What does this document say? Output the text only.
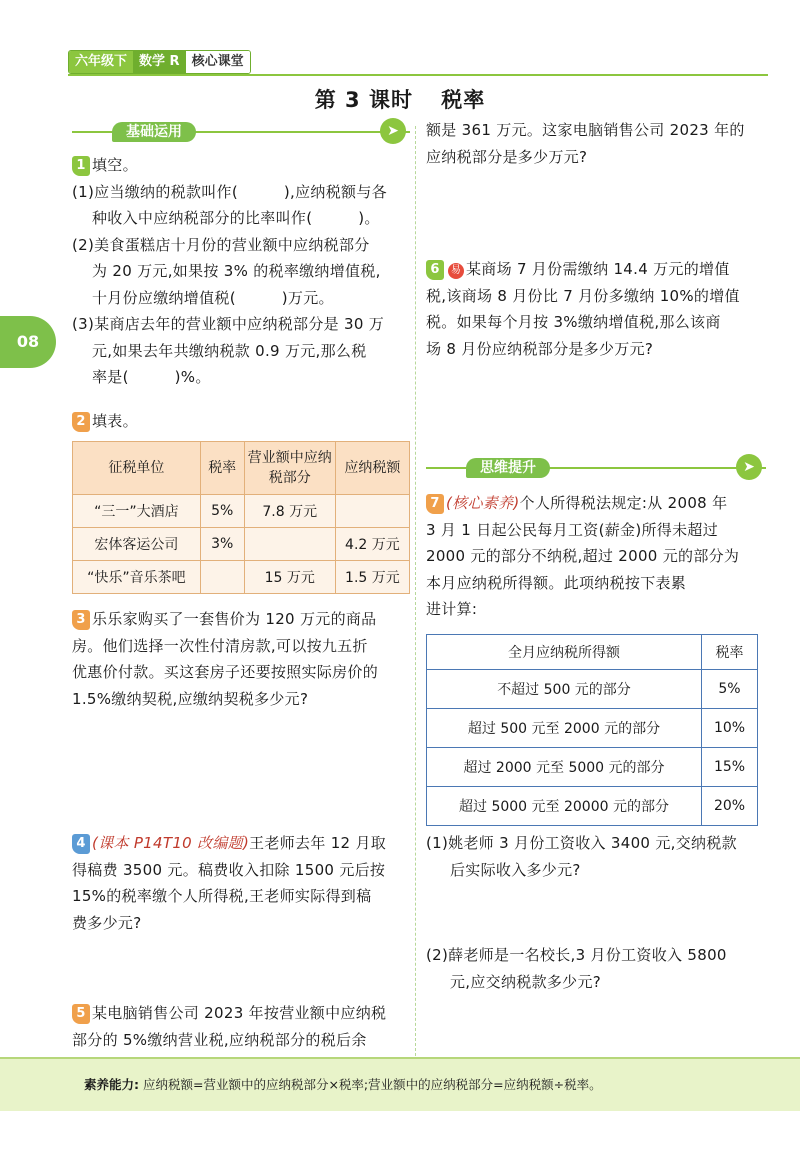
六年级下 数学 R 核心课堂
第 3 课时 税率
08
基础运用	➤
1 填空。
(1)应当缴纳的税款叫作(　　　),应纳税额与各
种收入中应纳税部分的比率叫作(　　　)。
(2)美食蛋糕店十月份的营业额中应纳税部分
为 20 万元,如果按 3% 的税率缴纳增值税,
十月份应缴纳增值税(　　　)万元。
(3)某商店去年的营业额中应纳税部分是 30 万
元,如果去年共缴纳税款 0.9 万元,那么税
率是(　　　)%。
2 填表。
征税单位	税率	营业额中应纳税部分	应纳税额
“三一”大酒店	5%	7.8 万元	
宏体客运公司	3%		4.2 万元
“快乐”音乐茶吧		15 万元	1.5 万元
3 乐乐家购买了一套售价为 120 万元的商品
房。他们选择一次性付清房款,可以按九五折
优惠价付款。买这套房子还要按照实际房价的
1.5%缴纳契税,应缴纳契税多少元?
4 (课本 P14T10 改编题)王老师去年 12 月取
得稿费 3500 元。稿费收入扣除 1500 元后按
15%的税率缴个人所得税,王老师实际得到稿
费多少元?
5 某电脑销售公司 2023 年按营业额中应纳税
部分的 5%缴纳营业税,应纳税部分的税后余
额是 361 万元。这家电脑销售公司 2023 年的
应纳税部分是多少万元?
6 易 某商场 7 月份需缴纳 14.4 万元的增值
税,该商场 8 月份比 7 月份多缴纳 10%的增值
税。如果每个月按 3%缴纳增值税,那么该商
场 8 月份应纳税部分是多少万元?
思维提升	➤
7 (核心素养)个人所得税法规定:从 2008 年
3 月 1 日起公民每月工资(薪金)所得未超过
2000 元的部分不纳税,超过 2000 元的部分为
本月应纳税所得额。此项纳税按下表累
进计算:
全月应纳税所得额	税率
不超过 500 元的部分	5%
超过 500 元至 2000 元的部分	10%
超过 2000 元至 5000 元的部分	15%
超过 5000 元至 20000 元的部分	20%
(1)姚老师 3 月份工资收入 3400 元,交纳税款
后实际收入多少元?
(2)薛老师是一名校长,3 月份工资收入 5800
元,应交纳税款多少元?
素养能力: 应纳税额=营业额中的应纳税部分×税率;营业额中的应纳税部分=应纳税额÷税率。
